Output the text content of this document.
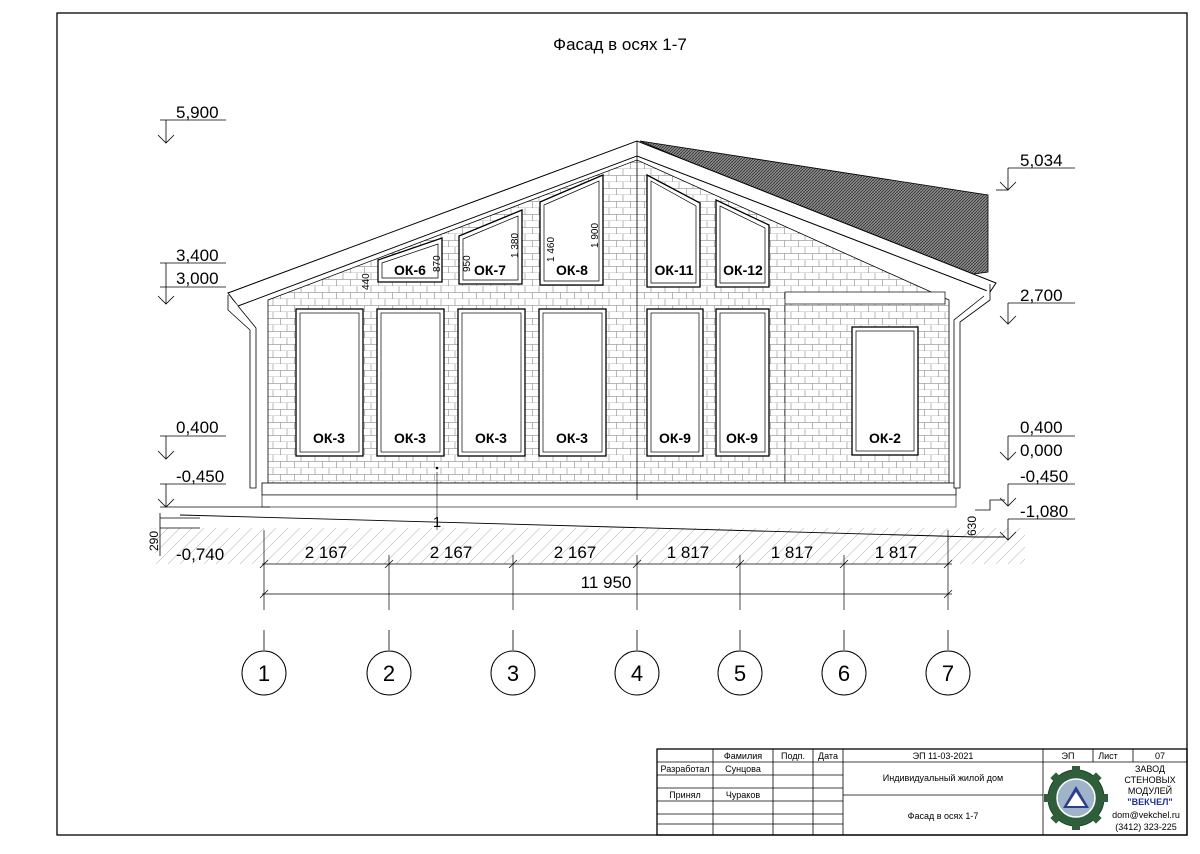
Фасад в осях 1-7
ОК-6	ОК-7	ОК-8	ОК-11 ОК-12
ОК-3	ОК-3	ОК-3	ОК-3	ОК-9	ОК-9	ОК-2
440
870 950
1 380	1 460
1 900
5,900
3,400
3,000
0,400
-0,450
-0,740
290
5,034
2,700
0,400
0,000
-0,450
-1,080
630
1
2 167	2 167	2 167	1 817	1 817	1 817
11 950
1	2	3	4	5	6	7
Фамилия Подп. Дата	ЭП 11-03-2021	ЭП	Лист	07
Разработал Сунцова
Принял	Чураков
Индивидуальный жилой дом
Фасад в осях 1-7
ЗАВОД
СТЕНОВЫХ
МОДУЛЕЙ
"ВЕКЧЕЛ"
dom@vekchel.ru
(3412) 323-225
